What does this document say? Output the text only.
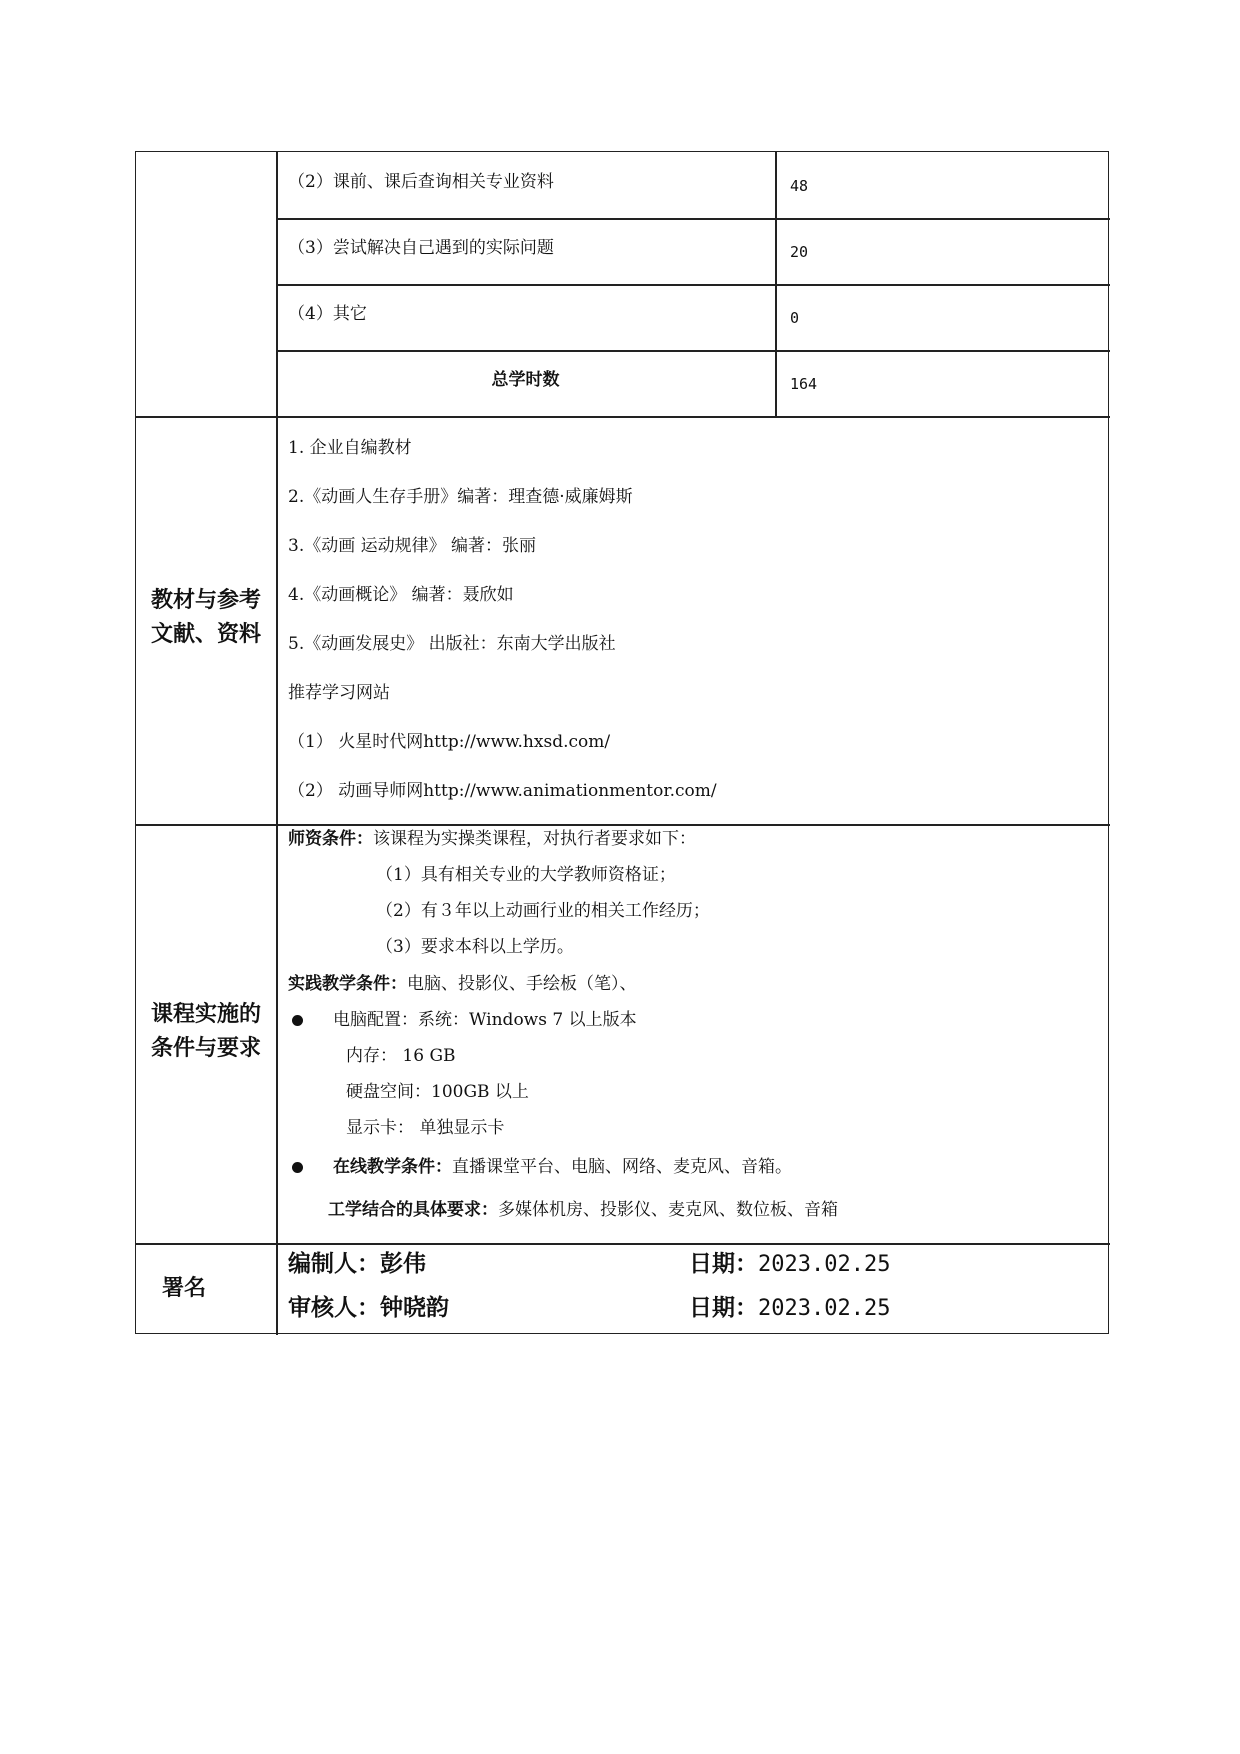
（2）课前、课后查询相关专业资料	48
（3）尝试解决自己遇到的实际问题	20
（4）其它	0
总学时数	164
教材与参考
文献、资料
1. 企业自编教材
2.《动画人生存手册》编著：理查德·威廉姆斯
3.《动画 运动规律》 编著：张丽
4.《动画概论》 编著：聂欣如
5.《动画发展史》 出版社：东南大学出版社
推荐学习网站
（1） 火星时代网http://www.hxsd.com/
（2） 动画导师网http://www.animationmentor.com/
课程实施的
条件与要求
师资条件：该课程为实操类课程，对执行者要求如下：
（1）具有相关专业的大学教师资格证；
（2）有３年以上动画行业的相关工作经历；
（3）要求本科以上学历。
实践教学条件：电脑、投影仪、手绘板（笔）、
电脑配置：系统：Windows 7 以上版本
内存： 16 GB
硬盘空间：100GB 以上
显示卡： 单独显示卡
在线教学条件：直播课堂平台、电脑、网络、麦克风、音箱。
工学结合的具体要求：多媒体机房、投影仪、麦克风、数位板、音箱
署名
编制人：彭伟	日期：2023.02.25
审核人：钟晓韵	日期：2023.02.25
